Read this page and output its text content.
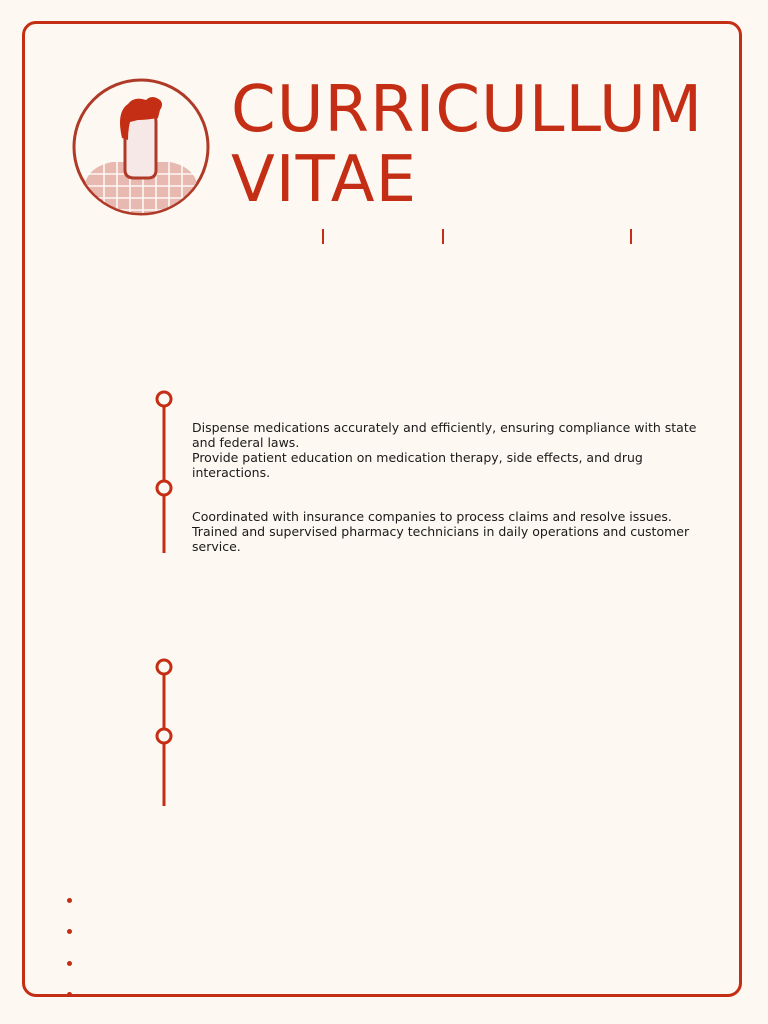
CURRICULLUM
VITAE

Dispense medications accurately and efficiently, ensuring compliance with state and federal laws.

Provide patient education on medication therapy, side effects, and drug interactions.

Coordinated with insurance companies to process claims and resolve issues.

Trained and supervised pharmacy technicians in daily operations and customer service.
